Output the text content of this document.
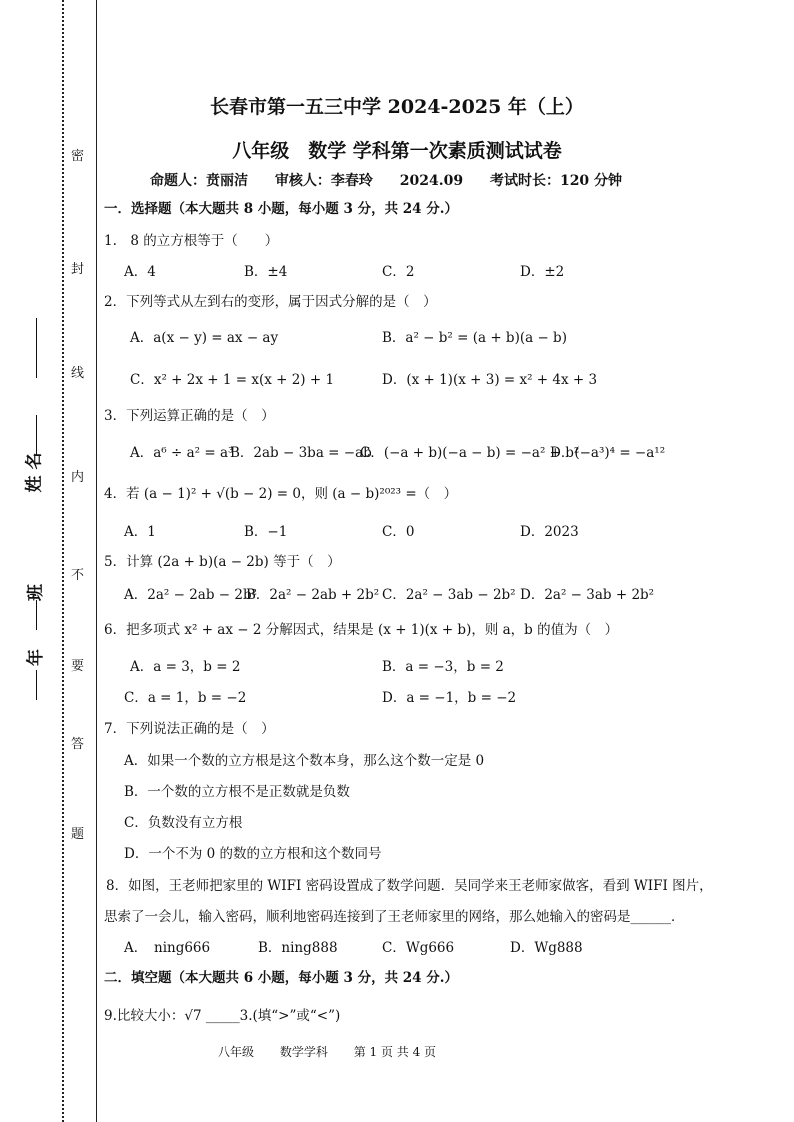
密
封
线
内
不
要
答
题
姓 名
班
年
长春市第一五三中学 2024-2025 年（上）
八年级　数学 学科第一次素质测试试卷
命题人：贲丽洁 审核人：李春玲 2024.09 考试时长：120 分钟
一．选择题（本大题共 8 小题，每小题 3 分，共 24 分.）
1.　8 的立方根等于（　　）
A．4	B．±4	C．2	D．±2
2．下列等式从左到右的变形，属于因式分解的是（　）
A．a(x − y) = ax − ay	B．a² − b² = (a + b)(a − b)
C．x² + 2x + 1 = x(x + 2) + 1	D．(x + 1)(x + 3) = x² + 4x + 3
3．下列运算正确的是（　）
A．a⁶ ÷ a² = a³
B．2ab − 3ba = −ab
C．(−a + b)(−a − b) = −a² + b²
D．(−a³)⁴ = −a¹²
4．若 (a − 1)² + √(b − 2) = 0，则 (a − b)²⁰²³ =（　）
A．1	B．−1	C．0	D．2023
5．计算 (2a + b)(a − 2b) 等于（　）
A．2a² − 2ab − 2b²
B．2a² − 2ab + 2b² C．2a² − 3ab − 2b² D．2a² − 3ab + 2b²
6．把多项式 x² + ax − 2 分解因式，结果是 (x + 1)(x + b)，则 a，b 的值为（　）
A．a = 3，b = 2	B．a = −3，b = 2
C．a = 1，b = −2	D．a = −1，b = −2
7．下列说法正确的是（　）
A．如果一个数的立方根是这个数本身，那么这个数一定是 0
B．一个数的立方根不是正数就是负数
C．负数没有立方根
D．一个不为 0 的数的立方根和这个数同号
8．如图，王老师把家里的 WIFI 密码设置成了数学问题．吴同学来王老师家做客，看到 WIFI 图片，
思索了一会儿，输入密码，顺利地密码连接到了王老师家里的网络，那么她输入的密码是______．
A．　ning666	B．ning888	C．Wg666	D．Wg888
二．填空题（本大题共 6 小题，每小题 3 分，共 24 分.）
9.比较大小：√7 _____3.(填“>”或“<”)
八年级 数学学科 第 1 页 共 4 页
